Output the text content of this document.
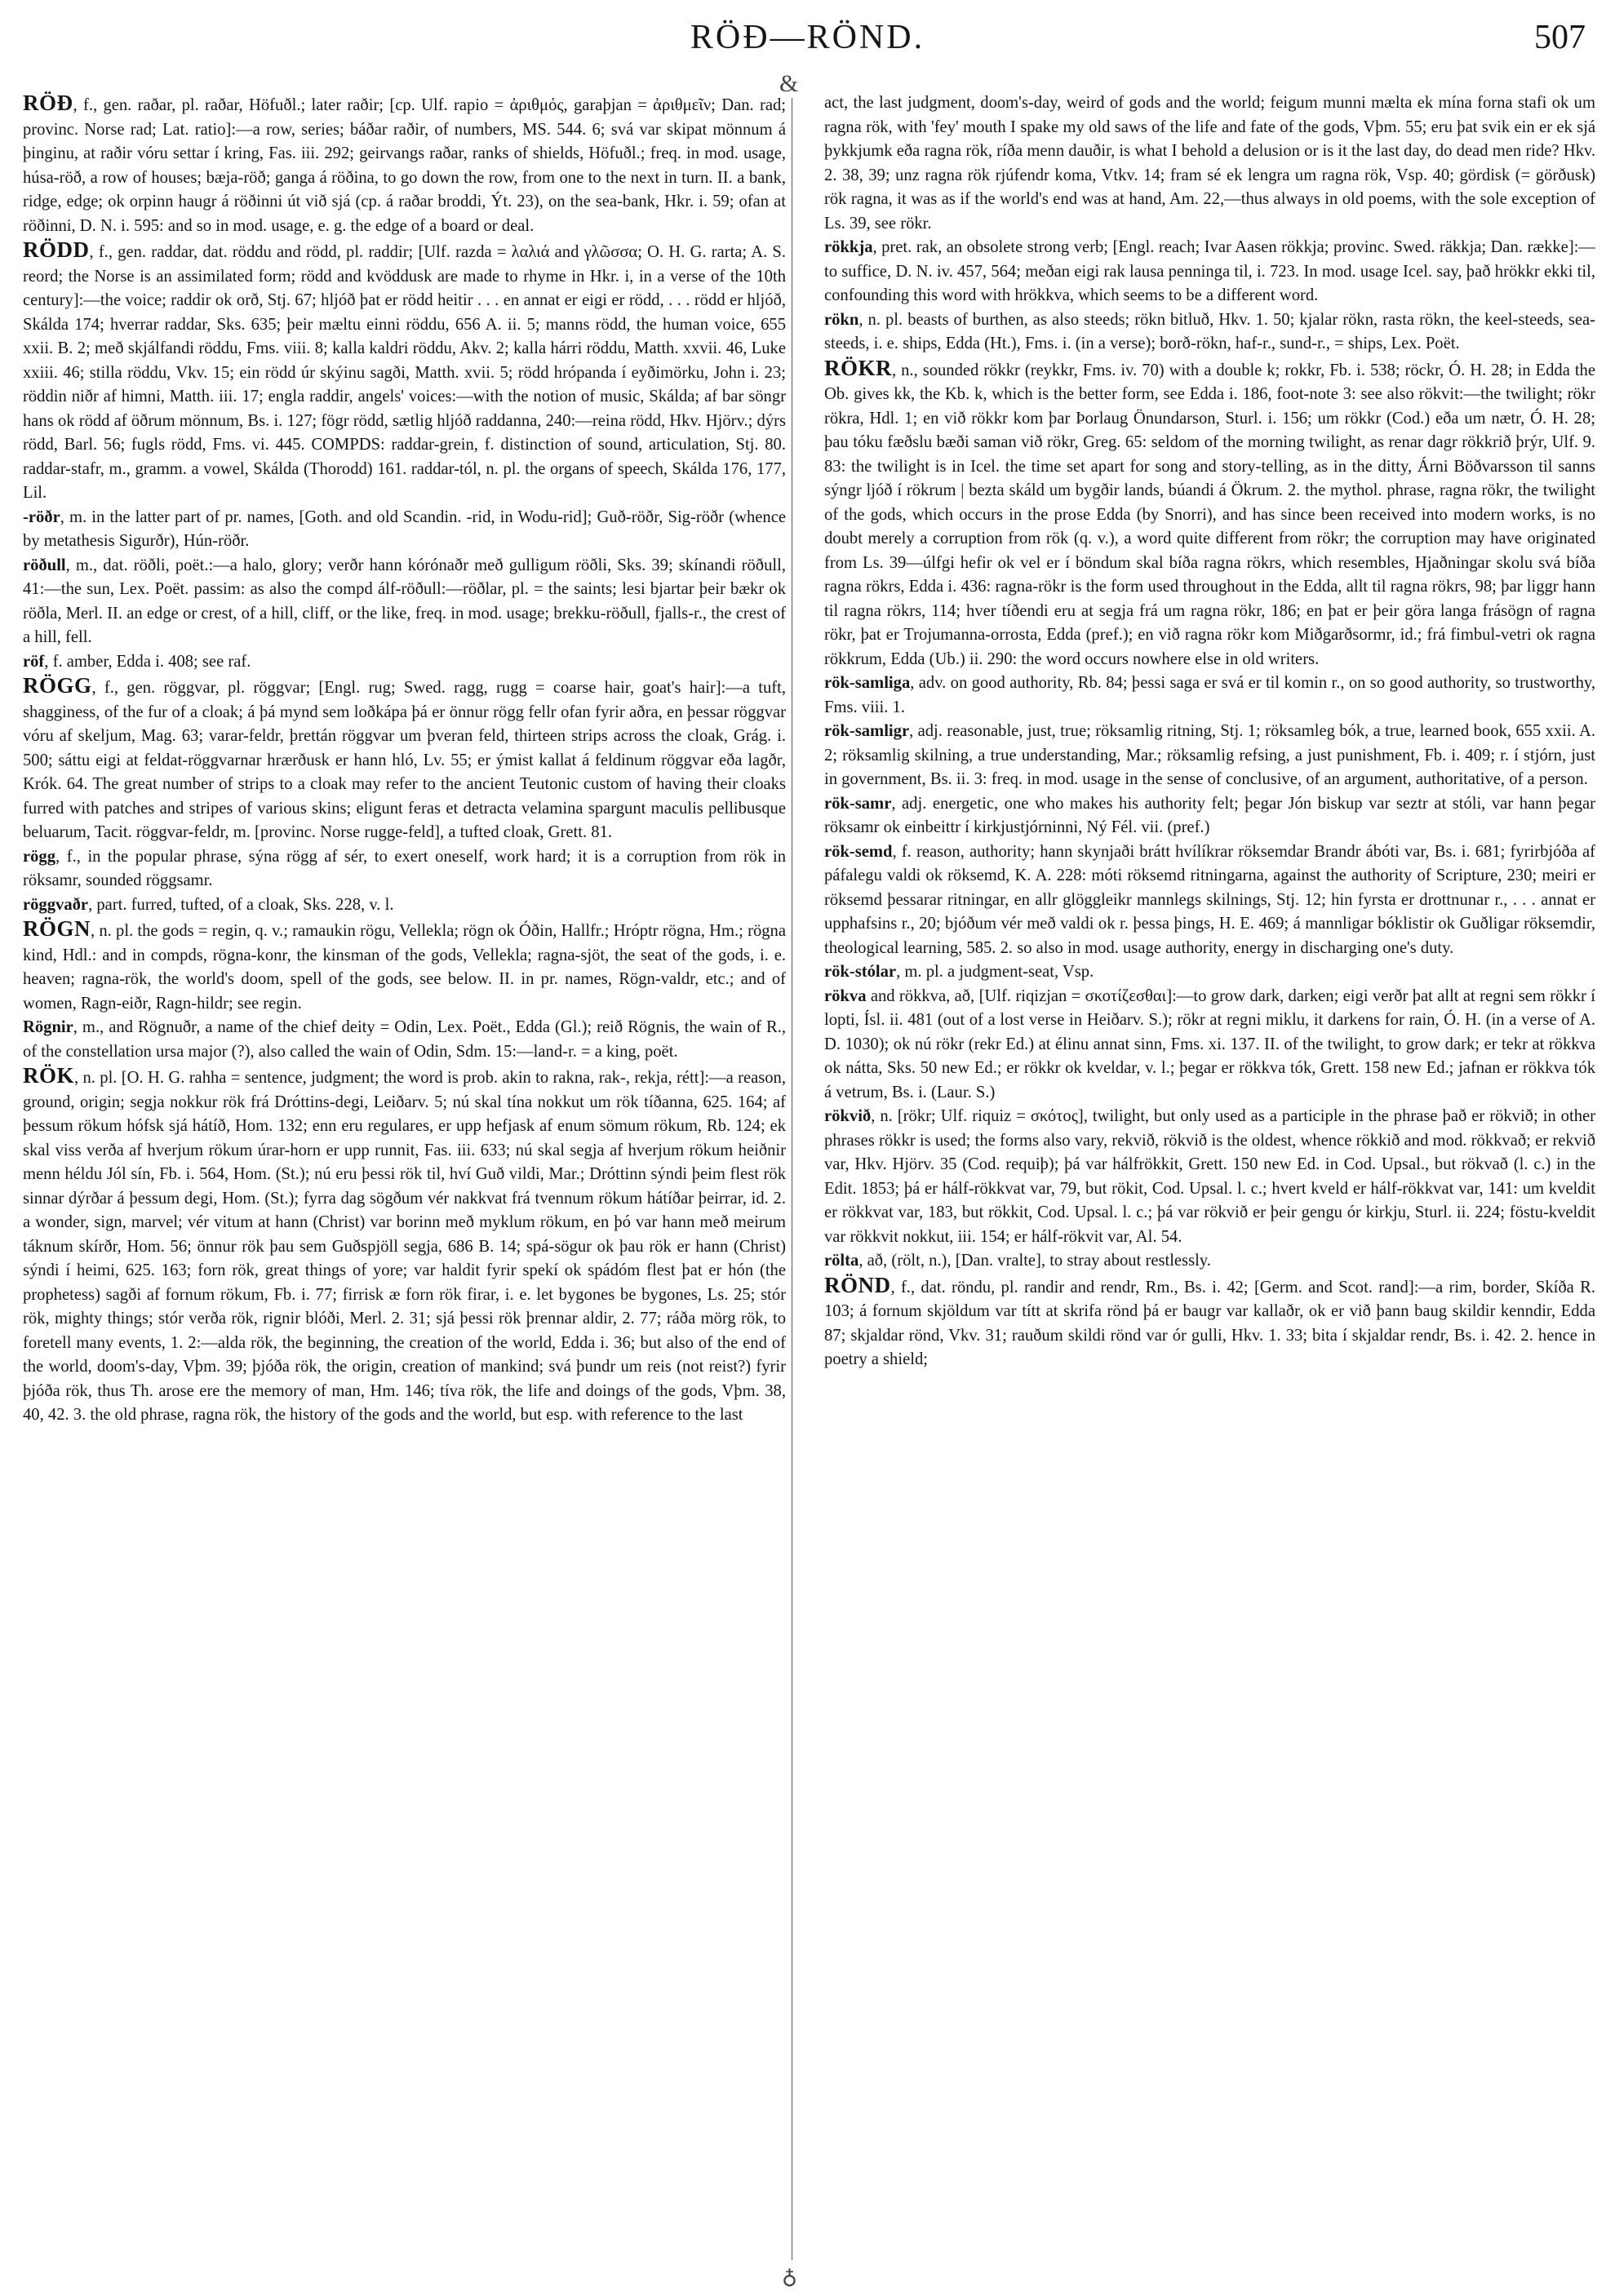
RÖÐ—RÖND.	507
&

RÖÐ, f., gen. raðar, pl. raðar, Höfuðl.; later raðir; [cp. Ulf. rapio = ἀριθμός, garaþjan = ἀριθμεῖν; Dan. rad; provinc. Norse rad; Lat. ratio]:—a row, series; báðar raðir, of numbers, MS. 544. 6; svá var skipat mönnum á þinginu, at raðir vóru settar í kring, Fas. iii. 292; geirvangs raðar, ranks of shields, Höfuðl.; freq. in mod. usage, húsa-röð, a row of houses; bæja-röð; ganga á röðina, to go down the row, from one to the next in turn. II. a bank, ridge, edge; ok orpinn haugr á röðinni út við sjá (cp. á raðar broddi, Ýt. 23), on the sea-bank, Hkr. i. 59; ofan at röðinni, D. N. i. 595: and so in mod. usage, e. g. the edge of a board or deal.

RÖDD, f., gen. raddar, dat. röddu and rödd, pl. raddir; [Ulf. razda = λαλιά and γλῶσσα; O. H. G. rarta; A. S. reord; the Norse is an assimilated form; rödd and kvöddusk are made to rhyme in Hkr. i, in a verse of the 10th century]:—the voice; raddir ok orð, Stj. 67; hljóð þat er rödd heitir . . . en annat er eigi er rödd, . . . rödd er hljóð, Skálda 174; hverrar raddar, Sks. 635; þeir mæltu einni röddu, 656 A. ii. 5; manns rödd, the human voice, 655 xxii. B. 2; með skjálfandi röddu, Fms. viii. 8; kalla kaldri röddu, Akv. 2; kalla hárri röddu, Matth. xxvii. 46, Luke xxiii. 46; stilla röddu, Vkv. 15; ein rödd úr skýinu sagði, Matth. xvii. 5; rödd hrópanda í eyðimörku, John i. 23; röddin niðr af himni, Matth. iii. 17; engla raddir, angels' voices:—with the notion of music, Skálda; af bar söngr hans ok rödd af öðrum mönnum, Bs. i. 127; fögr rödd, sætlig hljóð raddanna, 240:—reina rödd, Hkv. Hjörv.; dýrs rödd, Barl. 56; fugls rödd, Fms. vi. 445. COMPDS: raddar-grein, f. distinction of sound, articulation, Stj. 80. raddar-stafr, m., gramm. a vowel, Skálda (Thorodd) 161. raddar-tól, n. pl. the organs of speech, Skálda 176, 177, Lil.

-röðr, m. in the latter part of pr. names, [Goth. and old Scandin. -rid, in Wodu-rid]; Guð-röðr, Sig-röðr (whence by metathesis Sigurðr), Hún-röðr.

röðull, m., dat. röðli, poët.:—a halo, glory; verðr hann kórónaðr með gulligum röðli, Sks. 39; skínandi röðull, 41:—the sun, Lex. Poët. passim: as also the compd álf-röðull:—röðlar, pl. = the saints; lesi bjartar þeir bækr ok röðla, Merl. II. an edge or crest, of a hill, cliff, or the like, freq. in mod. usage; brekku-röðull, fjalls-r., the crest of a hill, fell.

röf, f. amber, Edda i. 408; see raf.

RÖGG, f., gen. röggvar, pl. röggvar; [Engl. rug; Swed. ragg, rugg = coarse hair, goat's hair]:—a tuft, shagginess, of the fur of a cloak; á þá mynd sem loðkápa þá er önnur rögg fellr ofan fyrir aðra, en þessar röggvar vóru af skeljum, Mag. 63; varar-feldr, þrettán röggvar um þveran feld, thirteen strips across the cloak, Grág. i. 500; sáttu eigi at feldat-röggvarnar hrærðusk er hann hló, Lv. 55; er ýmist kallat á feldinum röggvar eða lagðr, Krók. 64. The great number of strips to a cloak may refer to the ancient Teutonic custom of having their cloaks furred with patches and stripes of various skins; eligunt feras et detracta velamina spargunt maculis pellibusque beluarum, Tacit. röggvar-feldr, m. [provinc. Norse rugge-feld], a tufted cloak, Grett. 81.

rögg, f., in the popular phrase, sýna rögg af sér, to exert oneself, work hard; it is a corruption from rök in röksamr, sounded röggsamr.

röggvaðr, part. furred, tufted, of a cloak, Sks. 228, v. l.

RÖGN, n. pl. the gods = regin, q. v.; ramaukin rögu, Vellekla; rögn ok Óðin, Hallfr.; Hróptr rögna, Hm.; rögna kind, Hdl.: and in compds, rögna-konr, the kinsman of the gods, Vellekla; ragna-sjöt, the seat of the gods, i. e. heaven; ragna-rök, the world's doom, spell of the gods, see below. II. in pr. names, Rögn-valdr, etc.; and of women, Ragn-eiðr, Ragn-hildr; see regin.

Rögnir, m., and Rögnuðr, a name of the chief deity = Odin, Lex. Poët., Edda (Gl.); reið Rögnis, the wain of R., of the constellation ursa major (?), also called the wain of Odin, Sdm. 15:—land-r. = a king, poët.

RÖK, n. pl. [O. H. G. rahha = sentence, judgment; the word is prob. akin to rakna, rak-, rekja, rétt]:—a reason, ground, origin; segja nokkur rök frá Dróttins-degi, Leiðarv. 5; nú skal tína nokkut um rök tíðanna, 625. 164; af þessum rökum hófsk sjá hátíð, Hom. 132; enn eru regulares, er upp hefjask af enum sömum rökum, Rb. 124; ek skal viss verða af hverjum rökum úrar-horn er upp runnit, Fas. iii. 633; nú skal segja af hverjum rökum heiðnir menn héldu Jól sín, Fb. i. 564, Hom. (St.); nú eru þessi rök til, hví Guð vildi, Mar.; Dróttinn sýndi þeim flest rök sinnar dýrðar á þessum degi, Hom. (St.); fyrra dag sögðum vér nakkvat frá tvennum rökum hátíðar þeirrar, id. 2. a wonder, sign, marvel; vér vitum at hann (Christ) var borinn með myklum rökum, en þó var hann með meirum táknum skírðr, Hom. 56; önnur rök þau sem Guðspjöll segja, 686 B. 14; spá-sögur ok þau rök er hann (Christ) sýndi í heimi, 625. 163; forn rök, great things of yore; var haldit fyrir spekí ok spádóm flest þat er hón (the prophetess) sagði af fornum rökum, Fb. i. 77; firrisk æ forn rök firar, i. e. let bygones be bygones, Ls. 25; stór rök, mighty things; stór verða rök, rignir blóði, Merl. 2. 31; sjá þessi rök þrennar aldir, 2. 77; ráða mörg rök, to foretell many events, 1. 2:—alda rök, the beginning, the creation of the world, Edda i. 36; but also of the end of the world, doom's-day, Vþm. 39; þjóða rök, the origin, creation of mankind; svá þundr um reis (not reist?) fyrir þjóða rök, thus Th. arose ere the memory of man, Hm. 146; tíva rök, the life and doings of the gods, Vþm. 38, 40, 42. 3. the old phrase, ragna rök, the history of the gods and the world, but esp. with reference to the last

act, the last judgment, doom's-day, weird of gods and the world; feigum munni mælta ek mína forna stafi ok um ragna rök, with 'fey' mouth I spake my old saws of the life and fate of the gods, Vþm. 55; eru þat svik ein er ek sjá þykkjumk eða ragna rök, ríða menn dauðir, is what I behold a delusion or is it the last day, do dead men ride? Hkv. 2. 38, 39; unz ragna rök rjúfendr koma, Vtkv. 14; fram sé ek lengra um ragna rök, Vsp. 40; gördisk (= görðusk) rök ragna, it was as if the world's end was at hand, Am. 22,—thus always in old poems, with the sole exception of Ls. 39, see rökr.

rökkja, pret. rak, an obsolete strong verb; [Engl. reach; Ivar Aasen rökkja; provinc. Swed. räkkja; Dan. række]:—to suffice, D. N. iv. 457, 564; meðan eigi rak lausa penninga til, i. 723. In mod. usage Icel. say, það hrökkr ekki til, confounding this word with hrökkva, which seems to be a different word.

rökn, n. pl. beasts of burthen, as also steeds; rökn bitluð, Hkv. 1. 50; kjalar rökn, rasta rökn, the keel-steeds, sea-steeds, i. e. ships, Edda (Ht.), Fms. i. (in a verse); borð-rökn, haf-r., sund-r., = ships, Lex. Poët.

RÖKR, n., sounded rökkr (reykkr, Fms. iv. 70) with a double k; rokkr, Fb. i. 538; röckr, Ó. H. 28; in Edda the Ob. gives kk, the Kb. k, which is the better form, see Edda i. 186, foot-note 3: see also rökvit:—the twilight; rökr rökra, Hdl. 1; en við rökkr kom þar Þorlaug Önundarson, Sturl. i. 156; um rökkr (Cod.) eða um nætr, Ó. H. 28; þau tóku fæðslu bæði saman við rökr, Greg. 65: seldom of the morning twilight, as renar dagr rökkrið þrýr, Ulf. 9. 83: the twilight is in Icel. the time set apart for song and story-telling, as in the ditty, Árni Böðvarsson til sanns sýngr ljóð í rökrum | bezta skáld um bygðir lands, búandi á Ökrum. 2. the mythol. phrase, ragna rökr, the twilight of the gods, which occurs in the prose Edda (by Snorri), and has since been received into modern works, is no doubt merely a corruption from rök (q. v.), a word quite different from rökr; the corruption may have originated from Ls. 39—úlfgi hefir ok vel er í böndum skal bíða ragna rökrs, which resembles, Hjaðningar skolu svá bíða ragna rökrs, Edda i. 436: ragna-rökr is the form used throughout in the Edda, allt til ragna rökrs, 98; þar liggr hann til ragna rökrs, 114; hver tíðendi eru at segja frá um ragna rökr, 186; en þat er þeir göra langa frásögn of ragna rökr, þat er Trojumanna-orrosta, Edda (pref.); en við ragna rökr kom Miðgarðsormr, id.; frá fimbul-vetri ok ragna rökkrum, Edda (Ub.) ii. 290: the word occurs nowhere else in old writers.

rök-samliga, adv. on good authority, Rb. 84; þessi saga er svá er til komin r., on so good authority, so trustworthy, Fms. viii. 1.

rök-samligr, adj. reasonable, just, true; röksamlig ritning, Stj. 1; röksamleg bók, a true, learned book, 655 xxii. A. 2; röksamlig skilning, a true understanding, Mar.; röksamlig refsing, a just punishment, Fb. i. 409; r. í stjórn, just in government, Bs. ii. 3: freq. in mod. usage in the sense of conclusive, of an argument, authoritative, of a person.

rök-samr, adj. energetic, one who makes his authority felt; þegar Jón biskup var seztr at stóli, var hann þegar röksamr ok einbeittr í kirkjustjórninni, Ný Fél. vii. (pref.)

rök-semd, f. reason, authority; hann skynjaði brátt hvílíkrar röksemdar Brandr ábóti var, Bs. i. 681; fyrirbjóða af páfalegu valdi ok röksemd, K. A. 228: móti röksemd ritningarna, against the authority of Scripture, 230; meiri er röksemd þessarar ritningar, en allr glöggleikr mannlegs skilnings, Stj. 12; hin fyrsta er drottnunar r., . . . annat er upphafsins r., 20; bjóðum vér með valdi ok r. þessa þings, H. E. 469; á mannligar bóklistir ok Guðligar röksemdir, theological learning, 585. 2. so also in mod. usage authority, energy in discharging one's duty.

rök-stólar, m. pl. a judgment-seat, Vsp.

rökva and rökkva, að, [Ulf. riqizjan = σκοτίζεσθαι]:—to grow dark, darken; eigi verðr þat allt at regni sem rökkr í lopti, Ísl. ii. 481 (out of a lost verse in Heiðarv. S.); rökr at regni miklu, it darkens for rain, Ó. H. (in a verse of A. D. 1030); ok nú rökr (rekr Ed.) at élinu annat sinn, Fms. xi. 137. II. of the twilight, to grow dark; er tekr at rökkva ok nátta, Sks. 50 new Ed.; er rökkr ok kveldar, v. l.; þegar er rökkva tók, Grett. 158 new Ed.; jafnan er rökkva tók á vetrum, Bs. i. (Laur. S.)

rökvið, n. [rökr; Ulf. riquiz = σκότος], twilight, but only used as a participle in the phrase það er rökvið; in other phrases rökkr is used; the forms also vary, rekvið, rökvið is the oldest, whence rökkið and mod. rökkvað; er rekvið var, Hkv. Hjörv. 35 (Cod. requiþ); þá var hálfrökkit, Grett. 150 new Ed. in Cod. Upsal., but rökvað (l. c.) in the Edit. 1853; þá er hálf-rökkvat var, 79, but rökit, Cod. Upsal. l. c.; hvert kveld er hálf-rökkvat var, 141: um kveldit er rökkvat var, 183, but rökkit, Cod. Upsal. l. c.; þá var rökvið er þeir gengu ór kirkju, Sturl. ii. 224; föstu-kveldit var rökkvit nokkut, iii. 154; er hálf-rökvit var, Al. 54.

rölta, að, (rölt, n.), [Dan. vralte], to stray about restlessly.

RÖND, f., dat. röndu, pl. randir and rendr, Rm., Bs. i. 42; [Germ. and Scot. rand]:—a rim, border, Skíða R. 103; á fornum skjöldum var títt at skrifa rönd þá er baugr var kallaðr, ok er við þann baug skildir kenndir, Edda 87; skjaldar rönd, Vkv. 31; rauðum skildi rönd var ór gulli, Hkv. 1. 33; bita í skjaldar rendr, Bs. i. 42. 2. hence in poetry a shield;

♁
